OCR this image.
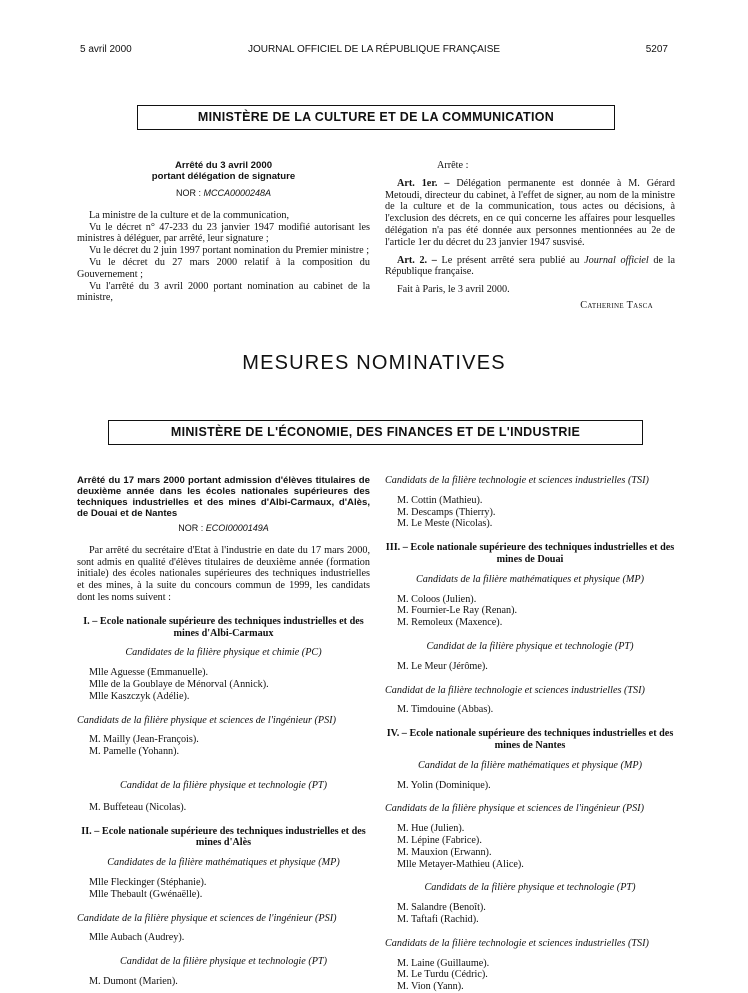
5 avril 2000	JOURNAL OFFICIEL DE LA RÉPUBLIQUE FRANÇAISE	5207
MINISTÈRE DE LA CULTURE ET DE LA COMMUNICATION

Arrêté du 3 avril 2000
portant délégation de signature

NOR : MCCA0000248A

La ministre de la culture et de la communication,

Vu le décret n° 47-233 du 23 janvier 1947 modifié autorisant les ministres à déléguer, par arrêté, leur signature ;

Vu le décret du 2 juin 1997 portant nomination du Premier ministre ;

Vu le décret du 27 mars 2000 relatif à la composition du Gouvernement ;

Vu l'arrêté du 3 avril 2000 portant nomination au cabinet de la ministre,

Arrête :

Art. 1er. – Délégation permanente est donnée à M. Gérard Metoudi, directeur du cabinet, à l'effet de signer, au nom de la ministre de la culture et de la communication, tous actes ou décisions, à l'exclusion des décrets, en ce qui concerne les affaires pour lesquelles délégation n'a pas été donnée aux personnes mentionnées au 2e de l'article 1er du décret du 23 janvier 1947 susvisé.

Art. 2. – Le présent arrêté sera publié au Journal officiel de la République française.

Fait à Paris, le 3 avril 2000.

Catherine Tasca

MESURES NOMINATIVES
MINISTÈRE DE L'ÉCONOMIE, DES FINANCES ET DE L'INDUSTRIE

Arrêté du 17 mars 2000 portant admission d'élèves titulaires de deuxième année dans les écoles nationales supérieures des techniques industrielles et des mines d'Albi-Carmaux, d'Alès, de Douai et de Nantes

NOR : ECOI0000149A

Par arrêté du secrétaire d'Etat à l'industrie en date du 17 mars 2000, sont admis en qualité d'élèves titulaires de deuxième année (formation initiale) des écoles nationales supérieures des techniques industrielles et des mines, à la suite du concours commun de 1999, les candidats dont les noms suivent :

I. – Ecole nationale supérieure des techniques industrielles et des mines d'Albi-Carmaux

Candidates de la filière physique et chimie (PC)

Mlle Aguesse (Emmanuelle).

Mlle de la Goublaye de Ménorval (Annick).

Mlle Kaszczyk (Adélie).

Candidats de la filière physique et sciences de l'ingénieur (PSI)

M. Mailly (Jean-François).

M. Pamelle (Yohann).

Candidat de la filière physique et technologie (PT)

M. Buffeteau (Nicolas).

II. – Ecole nationale supérieure des techniques industrielles et des mines d'Alès

Candidates de la filière mathématiques et physique (MP)

Mlle Fleckinger (Stéphanie).

Mlle Thebault (Gwénaëlle).

Candidate de la filière physique et sciences de l'ingénieur (PSI)

Mlle Aubach (Audrey).

Candidat de la filière physique et technologie (PT)

M. Dumont (Marien).

Candidats de la filière technologie et sciences industrielles (TSI)

M. Cottin (Mathieu).

M. Descamps (Thierry).

M. Le Meste (Nicolas).

III. – Ecole nationale supérieure des techniques industrielles et des mines de Douai

Candidats de la filière mathématiques et physique (MP)

M. Coloos (Julien).

M. Fournier-Le Ray (Renan).

M. Remoleux (Maxence).

Candidat de la filière physique et technologie (PT)

M. Le Meur (Jérôme).

Candidat de la filière technologie et sciences industrielles (TSI)

M. Timdouine (Abbas).

IV. – Ecole nationale supérieure des techniques industrielles et des mines de Nantes

Candidat de la filière mathématiques et physique (MP)

M. Yolin (Dominique).

Candidats de la filière physique et sciences de l'ingénieur (PSI)

M. Hue (Julien).

M. Lépine (Fabrice).

M. Mauxion (Erwann).

Mlle Metayer-Mathieu (Alice).

Candidats de la filière physique et technologie (PT)

M. Salandre (Benoît).

M. Taftafi (Rachid).

Candidats de la filière technologie et sciences industrielles (TSI)

M. Laine (Guillaume).

M. Le Turdu (Cédric).

M. Vion (Yann).
